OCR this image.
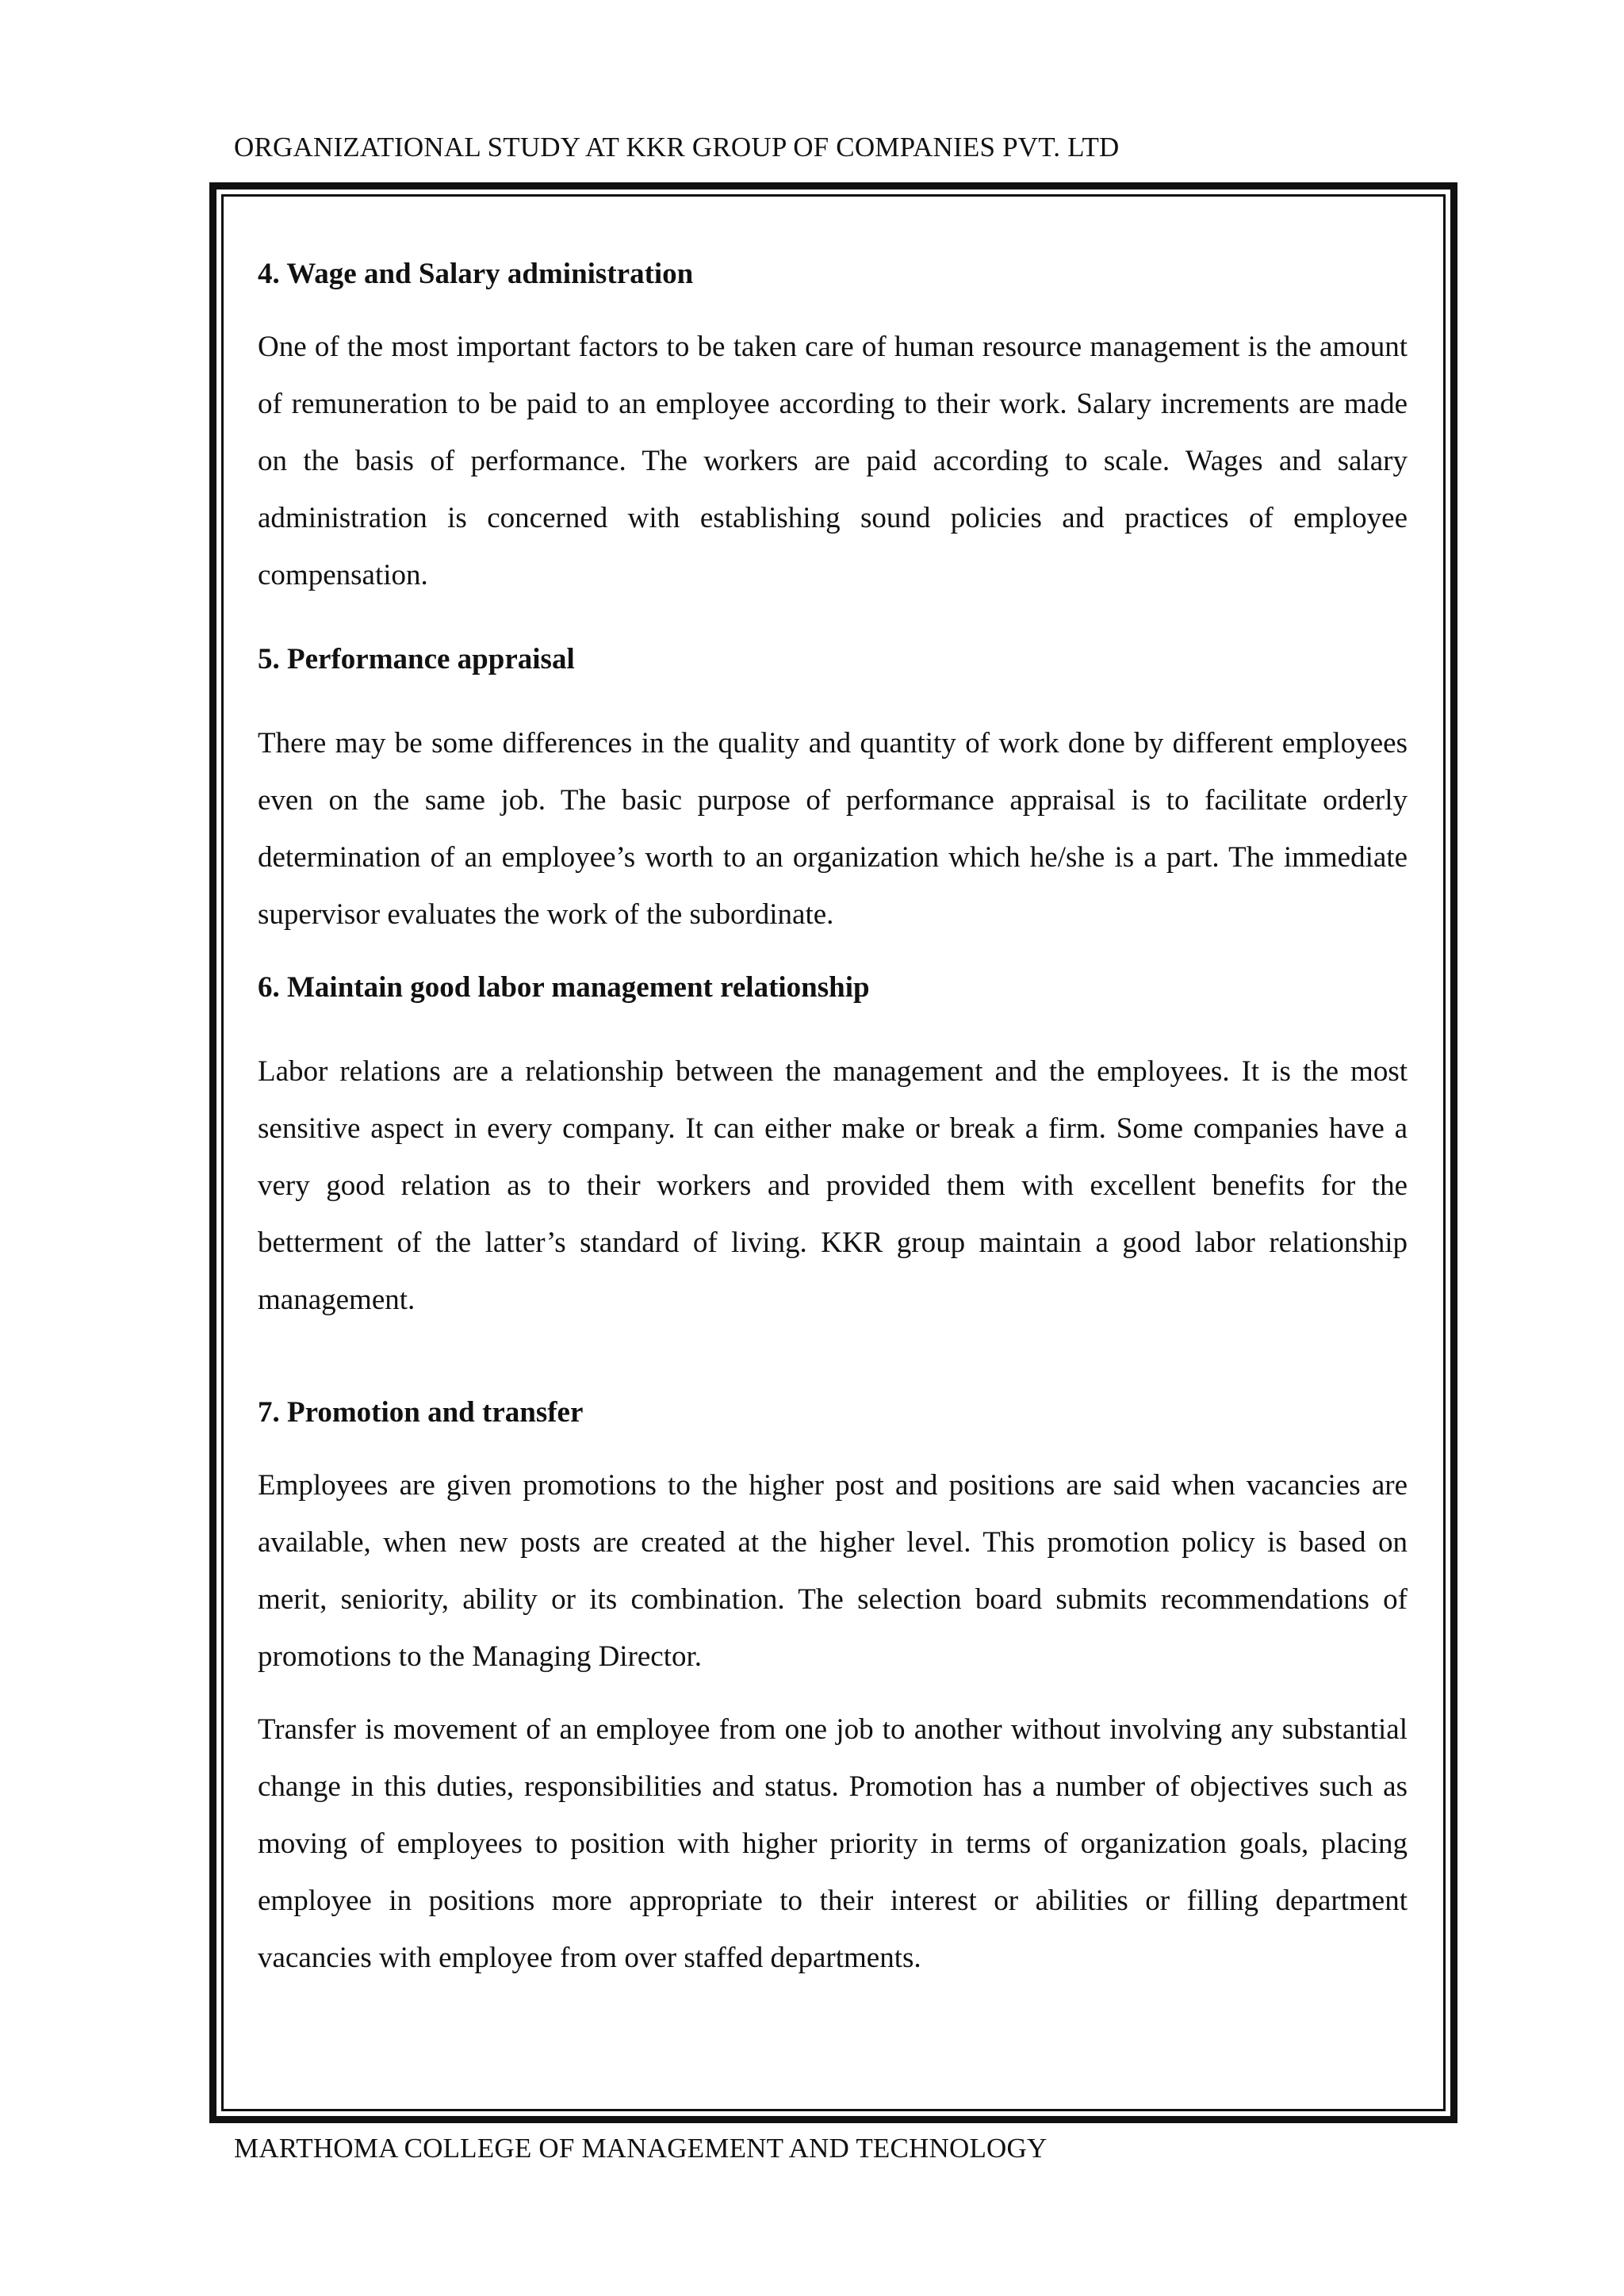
ORGANIZATIONAL STUDY AT KKR GROUP OF COMPANIES PVT. LTD
4. Wage and Salary administration

One of the most important factors to be taken care of human resource management is the amount of remuneration to be paid to an employee according to their work. Salary increments are made on the basis of performance. The workers are paid according to scale. Wages and salary administration is concerned with establishing sound policies and practices of employee compensation.

5. Performance appraisal

There may be some differences in the quality and quantity of work done by different employees even on the same job. The basic purpose of performance appraisal is to facilitate orderly determination of an employee’s worth to an organization which he/she is a part. The immediate supervisor evaluates the work of the subordinate.

6. Maintain good labor management relationship

Labor relations are a relationship between the management and the employees. It is the most sensitive aspect in every company. It can either make or break a firm. Some companies have a very good relation as to their workers and provided them with excellent benefits for the betterment of the latter’s standard of living. KKR group maintain a good labor relationship management.

7. Promotion and transfer

Employees are given promotions to the higher post and positions are said when vacancies are available, when new posts are created at the higher level. This promotion policy is based on merit, seniority, ability or its combination. The selection board submits recommendations of promotions to the Managing Director.

Transfer is movement of an employee from one job to another without involving any substantial change in this duties, responsibilities and status. Promotion has a number of objectives such as moving of employees to position with higher priority in terms of organization goals, placing employee in positions more appropriate to their interest or abilities or filling department vacancies with employee from over staffed departments.

MARTHOMA COLLEGE OF MANAGEMENT AND TECHNOLOGY
